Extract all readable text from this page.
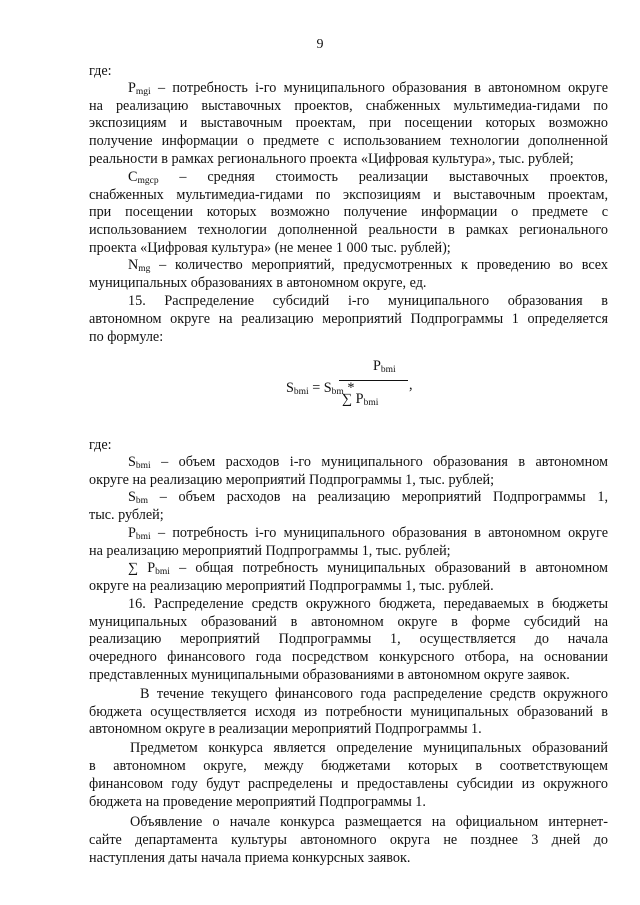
9
где:
$P_{mgi}$ – потребность i-го муниципального образования в автономном округе
на реализацию выставочных проектов, снабженных мультимедиа-гидами по
экспозициям и выставочным проектам, при посещении которых возможно
получение информации о предмете с использованием технологии дополненной
реальности в рамках регионального проекта «Цифровая культура», тыс. рублей;
$C_{mgср}$ – средняя стоимость реализации выставочных проектов,
снабженных мультимедиа-гидами по экспозициям и выставочным проектам,
при посещении которых возможно получение информации о предмете с
использованием технологии дополненной реальности в рамках регионального
проекта «Цифровая культура» (не менее 1 000 тыс. рублей);
$N_{mg}$ – количество мероприятий, предусмотренных к проведению во всех
муниципальных образованиях в автономном округе, ед.
15. Распределение субсидий i-го муниципального образования в
автономном округе на реализацию мероприятий Подпрограммы 1 определяется
по формуле:
$S_{bmi} = S_{bm}$ *
$P_{bmi}$
,
∑ $P_{bmi}$
где:
$S_{bmi}$ – объем расходов i-го муниципального образования в автономном
округе на реализацию мероприятий Подпрограммы 1, тыс. рублей;
$S_{bm}$ – объем расходов на реализацию мероприятий Подпрограммы 1,
тыс. рублей;
$P_{bmi}$ – потребность i-го муниципального образования в автономном округе
на реализацию мероприятий Подпрограммы 1, тыс. рублей;
∑ $P_{bmi}$ – общая потребность муниципальных образований в автономном
округе на реализацию мероприятий Подпрограммы 1, тыс. рублей.
16. Распределение средств окружного бюджета, передаваемых в бюджеты
муниципальных образований в автономном округе в форме субсидий на
реализацию мероприятий Подпрограммы 1, осуществляется до начала
очередного финансового года посредством конкурсного отбора, на основании
представленных муниципальными образованиями в автономном округе заявок.
В течение текущего финансового года распределение средств окружного
бюджета осуществляется исходя из потребности муниципальных образований в
автономном округе в реализации мероприятий Подпрограммы 1.
Предметом конкурса является определение муниципальных образований
в автономном округе, между бюджетами которых в соответствующем
финансовом году будут распределены и предоставлены субсидии из окружного
бюджета на проведение мероприятий Подпрограммы 1.
Объявление о начале конкурса размещается на официальном интернет-
сайте департамента культуры автономного округа не позднее 3 дней до
наступления даты начала приема конкурсных заявок.
